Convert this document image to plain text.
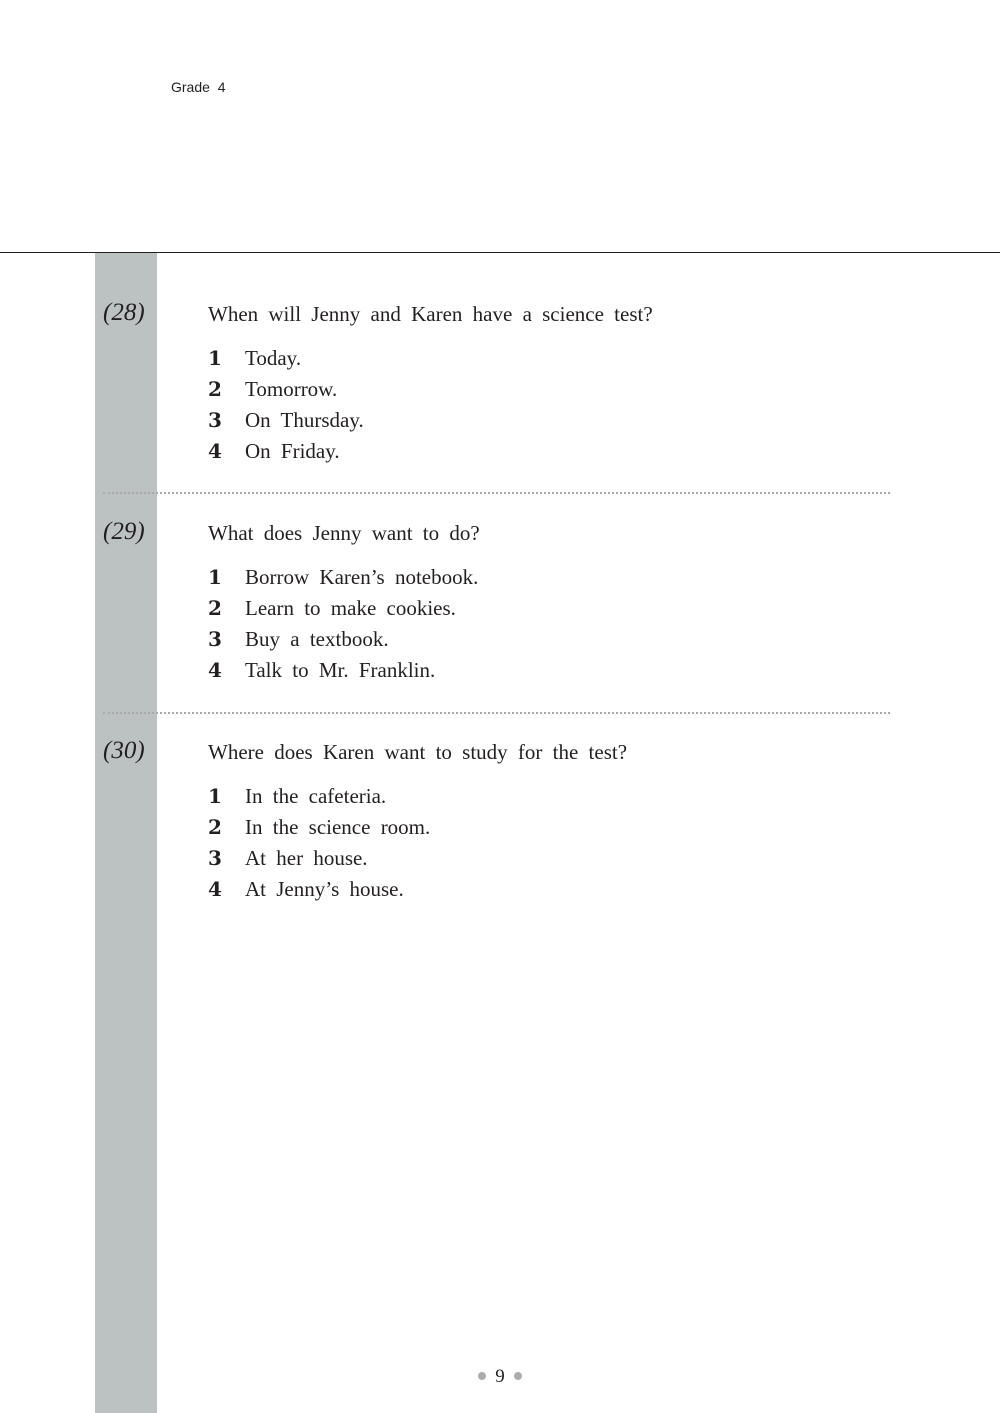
Grade  4
(28)	When will Jenny and Karen have a science test?
1 Today.
2 Tomorrow.
3 On Thursday.
4 On Friday.
(29)	What does Jenny want to do?
1 Borrow Karen’s notebook.
2 Learn to make cookies.
3 Buy a textbook.
4 Talk to Mr. Franklin.
(30)	Where does Karen want to study for the test?
1 In the cafeteria.
2 In the science room.
3 At her house.
4 At Jenny’s house.
9
